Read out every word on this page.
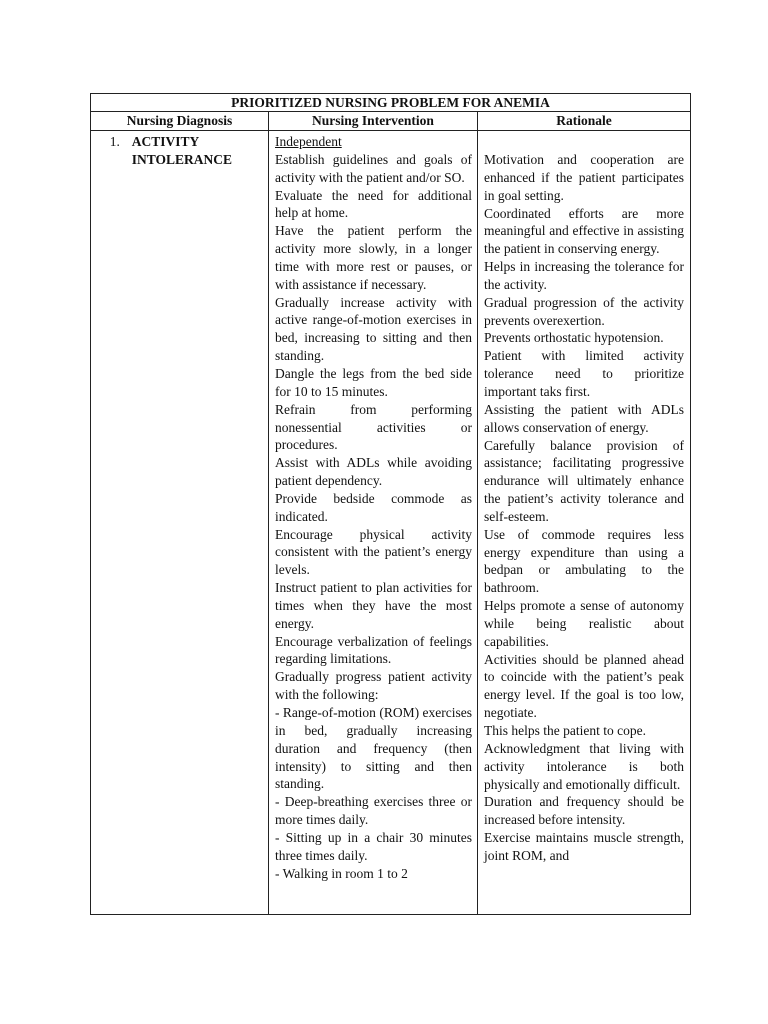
PRIORITIZED NURSING PROBLEM FOR ANEMIA
Nursing Diagnosis	Nursing Intervention	Rationale
1. ACTIVITY INTOLERANCE
Independent

Establish guidelines and goals of activity with the patient and/or SO.

Evaluate the need for additional help at home.

Have the patient perform the activity more slowly, in a longer time with more rest or pauses, or with assistance if necessary.

Gradually increase activity with active range-of-motion exercises in bed, increasing to sitting and then standing.

Dangle the legs from the bed side for 10 to 15 minutes.

Refrain from performing nonessential activities or procedures.

Assist with ADLs while avoiding patient dependency.

Provide bedside commode as indicated.

Encourage physical activity consistent with the patient’s energy levels.

Instruct patient to plan activities for times when they have the most energy.

Encourage verbalization of feelings regarding limitations.

Gradually progress patient activity with the following:

- Range-of-motion (ROM) exercises in bed, gradually increasing duration and frequency (then intensity) to sitting and then standing.

- Deep-breathing exercises three or more times daily.

- Sitting up in a chair 30 minutes three times daily.

- Walking in room 1 to 2

Motivation and cooperation are enhanced if the patient participates in goal setting.

Coordinated efforts are more meaningful and effective in assisting the patient in conserving energy.

Helps in increasing the tolerance for the activity.

Gradual progression of the activity prevents overexertion.

Prevents orthostatic hypotension.

Patient with limited activity tolerance need to prioritize important taks first.

Assisting the patient with ADLs allows conservation of energy.

Carefully balance provision of assistance; facilitating progressive endurance will ultimately enhance the patient’s activity tolerance and self-esteem.

Use of commode requires less energy expenditure than using a bedpan or ambulating to the bathroom.

Helps promote a sense of autonomy while being realistic about capabilities.

Activities should be planned ahead to coincide with the patient’s peak energy level. If the goal is too low, negotiate.

This helps the patient to cope.

Acknowledgment that living with activity intolerance is both physically and emotionally difficult.

Duration and frequency should be increased before intensity.

Exercise maintains muscle strength, joint ROM, and
